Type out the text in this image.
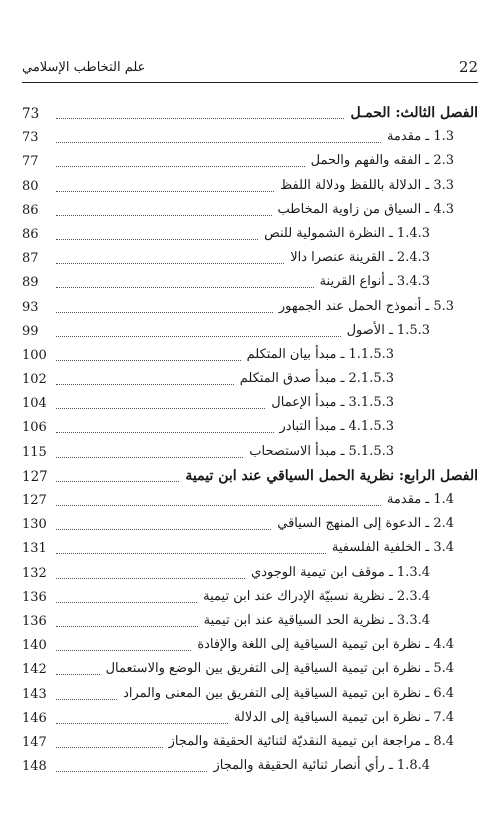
22
علم التخاطب الإسلامي
73	الفصل الثالث: الحمـل
73	1.3 ـ مقدمة
77	2.3 ـ الفقه والفهم والحمل
80	3.3 ـ الدلالة باللفظ ودلالة اللفظ
86	4.3 ـ السياق من زاوية المخاطب
86	1.4.3 ـ النظرة الشمولية للنص
87	2.4.3 ـ القرينة عنصرا دالا
89	3.4.3 ـ أنواع القرينة
93	5.3 ـ أنموذج الحمل عند الجمهور
99	1.5.3 ـ الأصول
100	1.1.5.3 ـ مبدأ بيان المتكلم
102	2.1.5.3 ـ مبدأ صدق المتكلم
104	3.1.5.3 ـ مبدأ الإعمال
106	4.1.5.3 ـ مبدأ التبادر
115	5.1.5.3 ـ مبدأ الاستصحاب
127	الفصل الرابع: نظرية الحمل السياقي عند ابن تيمية
127	1.4 ـ مقدمة
130	2.4 ـ الدعوة إلى المنهج السياقي
131	3.4 ـ الخلفية الفلسفية
132	1.3.4 ـ موقف ابن تيمية الوجودي
136	2.3.4 ـ نظرية نسبيّة الإدراك عند ابن تيمية
136	3.3.4 ـ نظرية الحد السياقية عند ابن تيمية
140	4.4 ـ نظرة ابن تيمية السياقية إلى اللغة والإفادة
142	5.4 ـ نظرة ابن تيمية السياقية إلى التفريق بين الوضع والاستعمال
143	6.4 ـ نظرة ابن تيمية السياقية إلى التفريق بين المعنى والمراد
146	7.4 ـ نظرة ابن تيمية السياقية إلى الدلالة
147	8.4 ـ مراجعة ابن تيمية النقديّة لثنائية الحقيقة والمجاز
148	1.8.4 ـ رأي أنصار ثنائية الحقيقة والمجاز
